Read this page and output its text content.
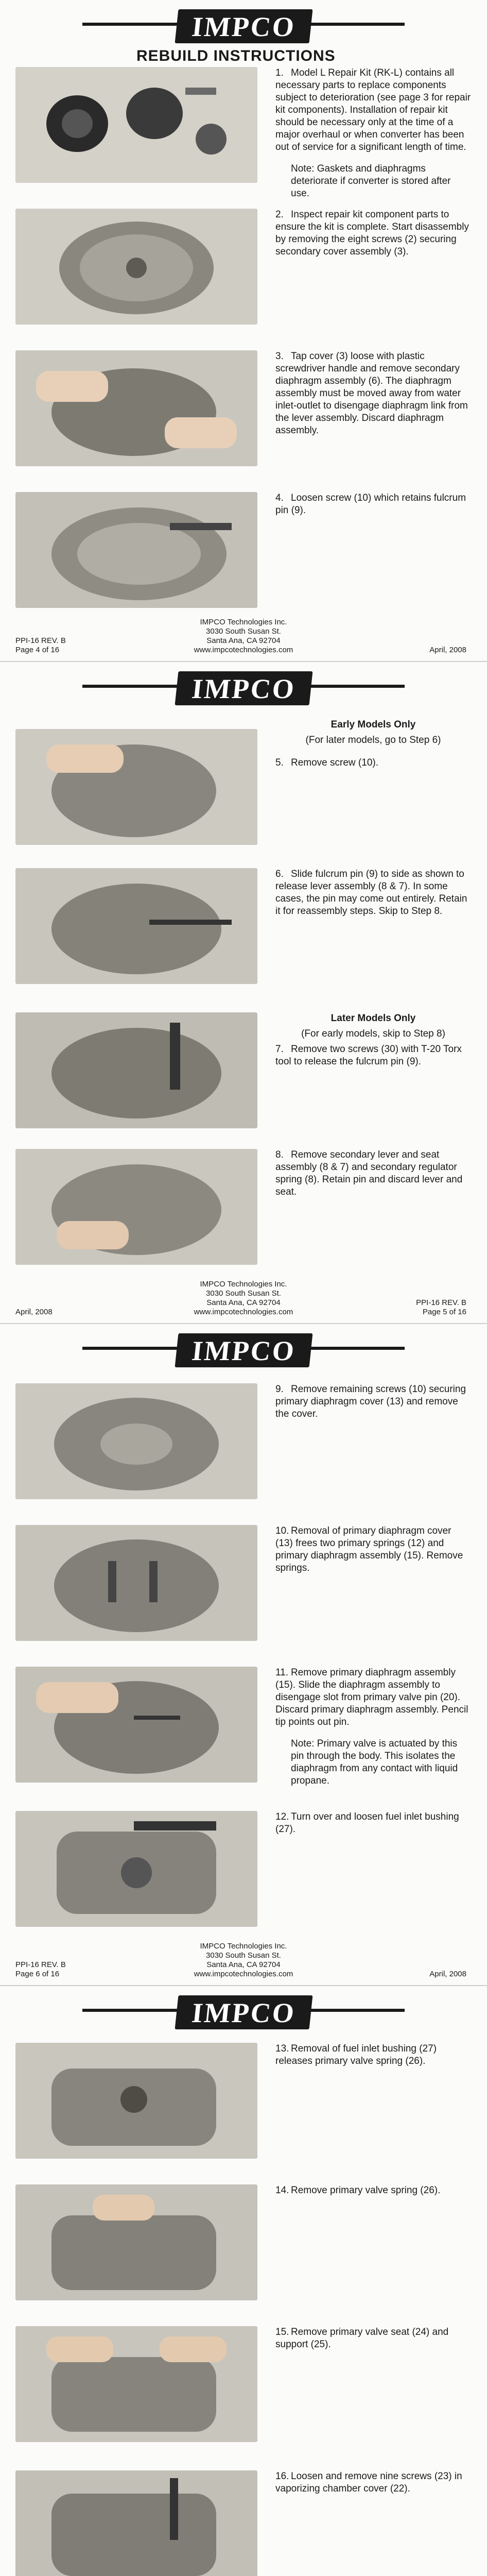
IMPCO
REBUILD INSTRUCTIONS
1. Model L Repair Kit (RK-L) contains all necessary parts to replace components subject to deterioration (see page 3 for repair kit components). Installation of repair kit should be necessary only at the time of a major overhaul or when converter has been out of service for a significant length of time.
Note: Gaskets and diaphragms deteriorate if converter is stored after use.
2. Inspect repair kit component parts to ensure the kit is complete. Start disassembly by removing the eight screws (2) securing secondary cover assembly (3).
3. Tap cover (3) loose with plastic screwdriver handle and remove secondary diaphragm assembly (6). The diaphragm assembly must be moved away from water inlet-outlet to disengage diaphragm link from the lever assembly. Discard diaphragm assembly.
4. Loosen screw (10) which retains fulcrum pin (9).
PPI-16 REV. B
Page 4 of 16
IMPCO Technologies Inc.
3030 South Susan St.
Santa Ana, CA 92704
www.impcotechnologies.com	April, 2008
IMPCO
Early Models Only
(For later models, go to Step 6)
5. Remove screw (10).
6. Slide fulcrum pin (9) to side as shown to release lever assembly (8 & 7). In some cases, the pin may come out entirely. Retain it for reassembly steps. Skip to Step 8.
Later Models Only
(For early models, skip to Step 8)
7. Remove two screws (30) with T-20 Torx tool to release the fulcrum pin (9).
8. Remove secondary lever and seat assembly (8 & 7) and secondary regulator spring (8). Retain pin and discard lever and seat.
April, 2008
IMPCO Technologies Inc.
3030 South Susan St.
Santa Ana, CA 92704
www.impcotechnologies.com
PPI-16 REV. B
Page 5 of 16
IMPCO
9. Remove remaining screws (10) securing primary diaphragm cover (13) and remove the cover.
10. Removal of primary diaphragm cover (13) frees two primary springs (12) and primary diaphragm assembly (15). Remove springs.
11. Remove primary diaphragm assembly (15). Slide the diaphragm assembly to disengage slot from primary valve pin (20). Discard primary diaphragm assembly. Pencil tip points out pin.
Note: Primary valve is actuated by this pin through the body. This isolates the diaphragm from any contact with liquid propane.
12. Turn over and loosen fuel inlet bushing (27).
PPI-16 REV. B
Page 6 of 16
IMPCO Technologies Inc.
3030 South Susan St.
Santa Ana, CA 92704
www.impcotechnologies.com	April, 2008
IMPCO
13. Removal of fuel inlet bushing (27) releases primary valve spring (26).
14. Remove primary valve spring (26).
15. Remove primary valve seat (24) and support (25).
16. Loosen and remove nine screws (23) in vaporizing chamber cover (22).
